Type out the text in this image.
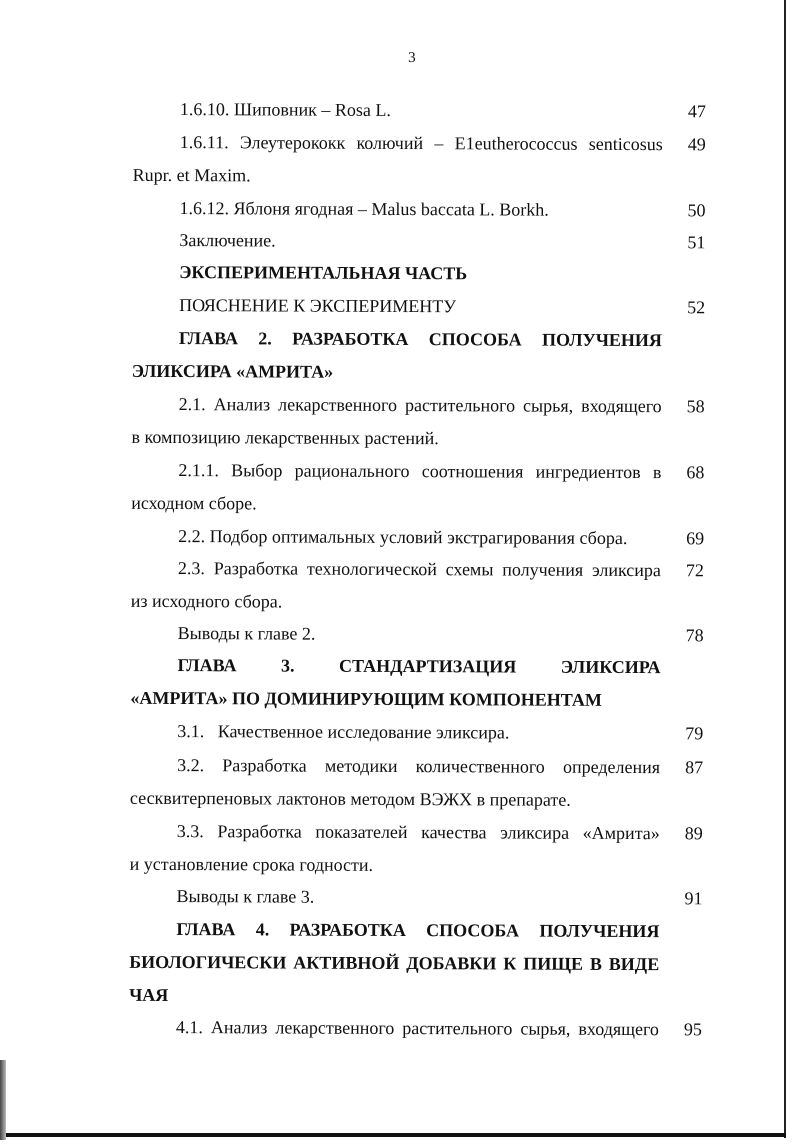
3
1.6.10. Шиповник – Rosa L.	47
1.6.11. Элеутерококк колючий – E1eutherococcus senticosus 49
Rupr. et Maxim.
1.6.12. Яблоня ягодная – Malus baccata L. Borkh.	50
Заключение.	51
ЭКСПЕРИМЕНТАЛЬНАЯ ЧАСТЬ
ПОЯСНЕНИЕ К ЭКСПЕРИМЕНТУ	52
ГЛАВА 2. РАЗРАБОТКА СПОСОБА ПОЛУЧЕНИЯ
ЭЛИКСИРА «АМРИТА»
2.1. Анализ лекарственного растительного сырья, входящего 58
в композицию лекарственных растений.
2.1.1. Выбор рационального соотношения ингредиентов в 68
исходном сборе.
2.2. Подбор оптимальных условий экстрагирования сбора.	69
2.3. Разработка технологической схемы получения эликсира 72
из исходного сбора.
Выводы к главе 2.	78
ГЛАВА 3. СТАНДАРТИЗАЦИЯ ЭЛИКСИРА
«АМРИТА» ПО ДОМИНИРУЮЩИМ КОМПОНЕНТАМ
3.1.   Качественное исследование эликсира.	79
3.2. Разработка методики количественного определения 87
сесквитерпеновых лактонов методом ВЭЖХ в препарате.
3.3. Разработка показателей качества эликсира «Амрита» 89
и установление срока годности.
Выводы к главе 3.	91
ГЛАВА 4. РАЗРАБОТКА СПОСОБА ПОЛУЧЕНИЯ
БИОЛОГИЧЕСКИ АКТИВНОЙ ДОБАВКИ К ПИЩЕ В ВИДЕ
ЧАЯ
4.1. Анализ лекарственного растительного сырья, входящего 95
